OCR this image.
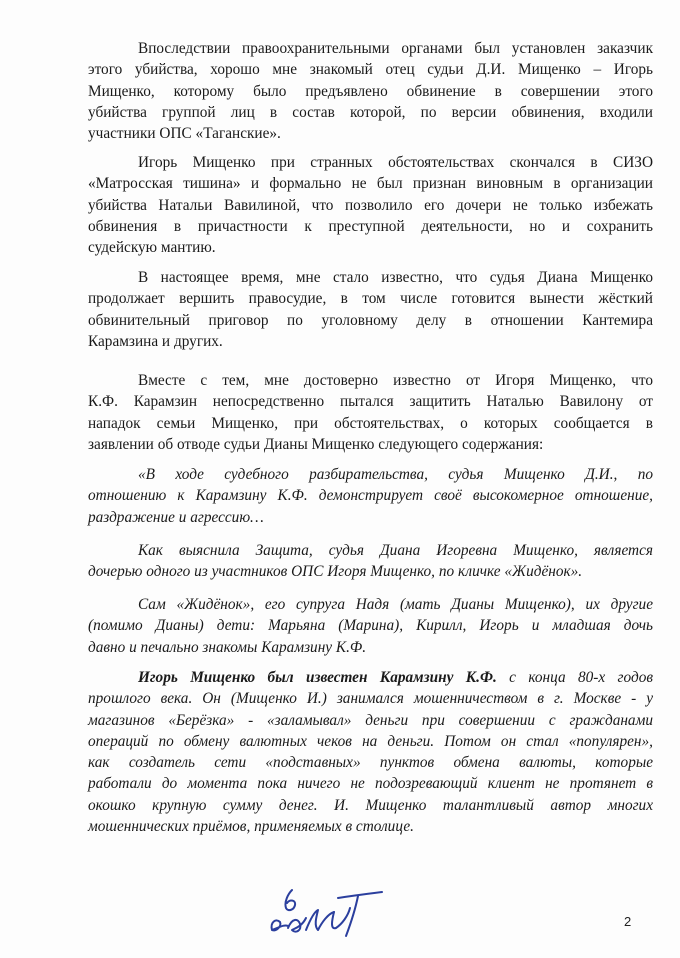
Впоследствии правоохранительными органами был установлен заказчик
этого убийства, хорошо мне знакомый отец судьи Д.И. Мищенко – Игорь
Мищенко, которому было предъявлено обвинение в совершении этого
убийства группой лиц в состав которой, по версии обвинения, входили
участники ОПС «Таганские».
Игорь Мищенко при странных обстоятельствах скончался в СИЗО
«Матросская тишина» и формально не был признан виновным в организации
убийства Натальи Вавилиной, что позволило его дочери не только избежать
обвинения в причастности к преступной деятельности, но и сохранить
судейскую мантию.
В настоящее время, мне стало известно, что судья Диана Мищенко
продолжает вершить правосудие, в том числе готовится вынести жёсткий
обвинительный приговор по уголовному делу в отношении Кантемира
Карамзина и других.
Вместе с тем, мне достоверно известно от Игоря Мищенко, что
К.Ф. Карамзин непосредственно пытался защитить Наталью Вавилону от
нападок семьи Мищенко, при обстоятельствах, о которых сообщается в
заявлении об отводе судьи Дианы Мищенко следующего содержания:
«В ходе судебного разбирательства, судья Мищенко Д.И., по
отношению к Карамзину К.Ф. демонстрирует своё высокомерное отношение,
раздражение и агрессию…
Как выяснила Защита, судья Диана Игоревна Мищенко, является
дочерью одного из участников ОПС Игоря Мищенко, по кличке «Жидёнок».
Сам «Жидёнок», его супруга Надя (мать Дианы Мищенко), их другие
(помимо Дианы) дети: Марьяна (Марина), Кирилл, Игорь и младшая дочь
давно и печально знакомы Карамзину К.Ф.
Игорь Мищенко был известен Карамзину К.Ф. с конца 80-х годов
прошлого века. Он (Мищенко И.) занимался мошенничеством в г. Москве - у
магазинов «Берёзка» - «заламывал» деньги при совершении с гражданами
операций по обмену валютных чеков на деньги. Потом он стал «популярен»,
как создатель сети «подставных» пунктов обмена валюты, которые
работали до момента пока ничего не подозревающий клиент не протянет в
окошко крупную сумму денег. И. Мищенко талантливый автор многих
мошеннических приёмов, применяемых в столице.
2
